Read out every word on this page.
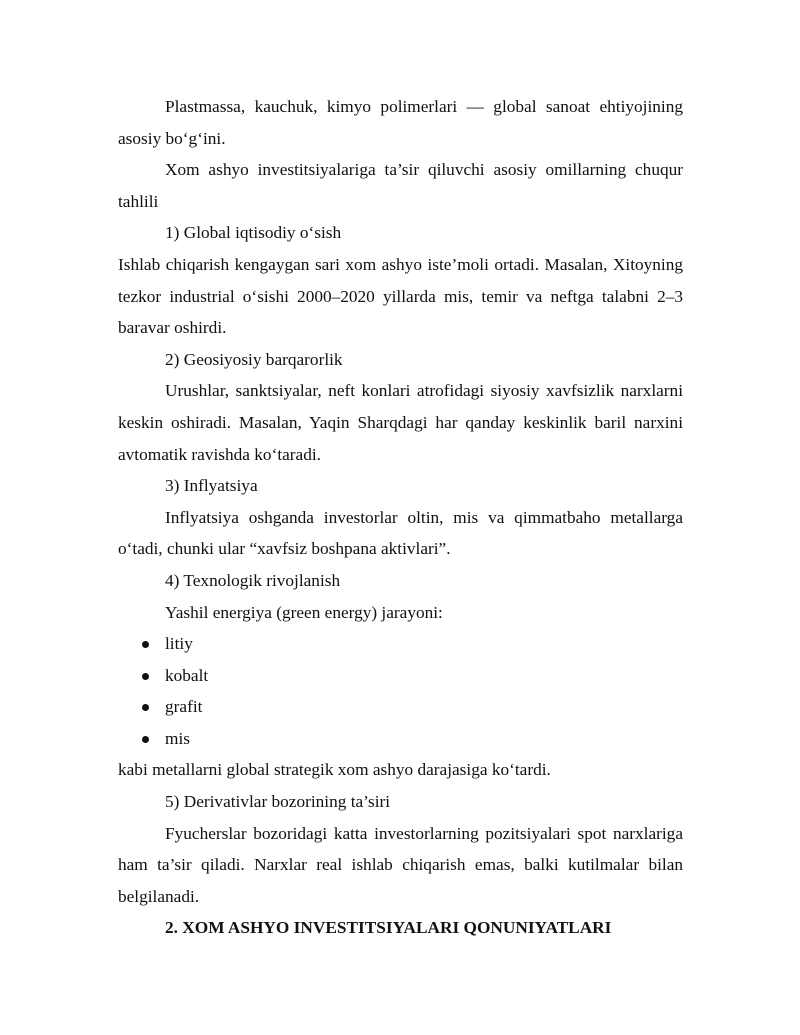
Plastmassa, kauchuk, kimyo polimerlari — global sanoat ehtiyojining asosiy bo‘g‘ini.

Xom ashyo investitsiyalariga ta’sir qiluvchi asosiy omillarning chuqur tahlili

1) Global iqtisodiy o‘sish

Ishlab chiqarish kengaygan sari xom ashyo iste’moli ortadi. Masalan, Xitoyning tezkor industrial o‘sishi 2000–2020 yillarda mis, temir va neftga talabni 2–3 baravar oshirdi.

2) Geosiyosiy barqarorlik

Urushlar, sanktsiyalar, neft konlari atrofidagi siyosiy xavfsizlik narxlarni keskin oshiradi. Masalan, Yaqin Sharqdagi har qanday keskinlik baril narxini avtomatik ravishda ko‘taradi.

3) Inflyatsiya

Inflyatsiya oshganda investorlar oltin, mis va qimmatbaho metallarga o‘tadi, chunki ular “xavfsiz boshpana aktivlari”.

4) Texnologik rivojlanish

Yashil energiya (green energy) jarayoni:

litiy
kobalt
grafit
mis

kabi metallarni global strategik xom ashyo darajasiga ko‘tardi.

5) Derivativlar bozorining ta’siri

Fyucherslar bozoridagi katta investorlarning pozitsiyalari spot narxlariga ham ta’sir qiladi. Narxlar real ishlab chiqarish emas, balki kutilmalar bilan belgilanadi.

2. XOM ASHYO INVESTITSIYALARI QONUNIYATLARI
